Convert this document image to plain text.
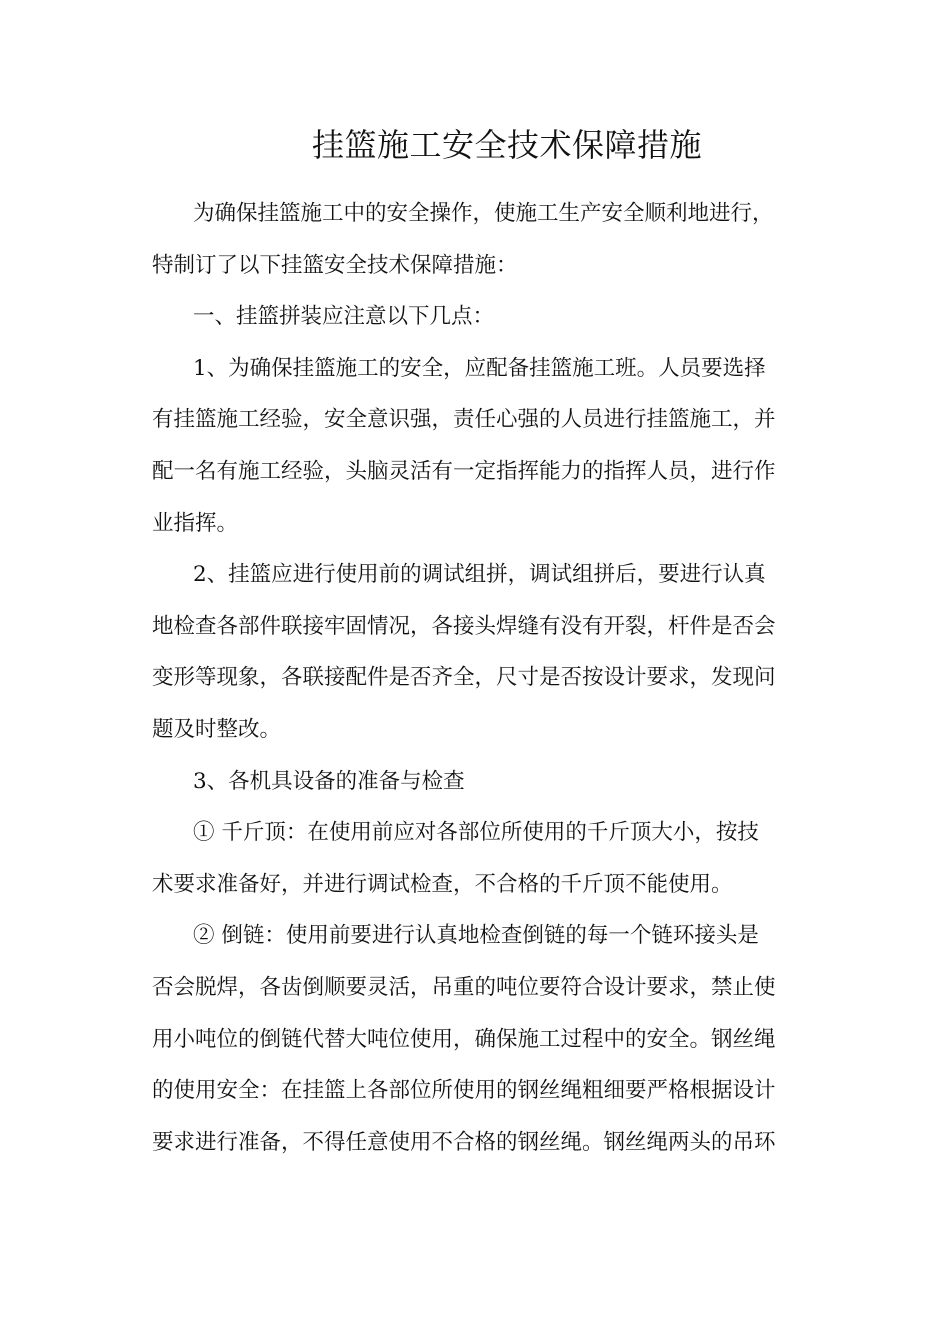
挂篮施工安全技术保障措施
为确保挂篮施工中的安全操作，使施工生产安全顺利地进行，
特制订了以下挂篮安全技术保障措施：
一、挂篮拼装应注意以下几点：
1、为确保挂篮施工的安全，应配备挂篮施工班。人员要选择
有挂篮施工经验，安全意识强，责任心强的人员进行挂篮施工，并
配一名有施工经验，头脑灵活有一定指挥能力的指挥人员，进行作
业指挥。
2、挂篮应进行使用前的调试组拼，调试组拼后，要进行认真
地检查各部件联接牢固情况，各接头焊缝有没有开裂，杆件是否会
变形等现象，各联接配件是否齐全，尺寸是否按设计要求，发现问
题及时整改。
3、各机具设备的准备与检查
① 千斤顶：在使用前应对各部位所使用的千斤顶大小，按技
术要求准备好，并进行调试检查，不合格的千斤顶不能使用。
② 倒链：使用前要进行认真地检查倒链的每一个链环接头是
否会脱焊，各齿倒顺要灵活，吊重的吨位要符合设计要求，禁止使
用小吨位的倒链代替大吨位使用，确保施工过程中的安全。钢丝绳
的使用安全：在挂篮上各部位所使用的钢丝绳粗细要严格根据设计
要求进行准备，不得任意使用不合格的钢丝绳。钢丝绳两头的吊环
